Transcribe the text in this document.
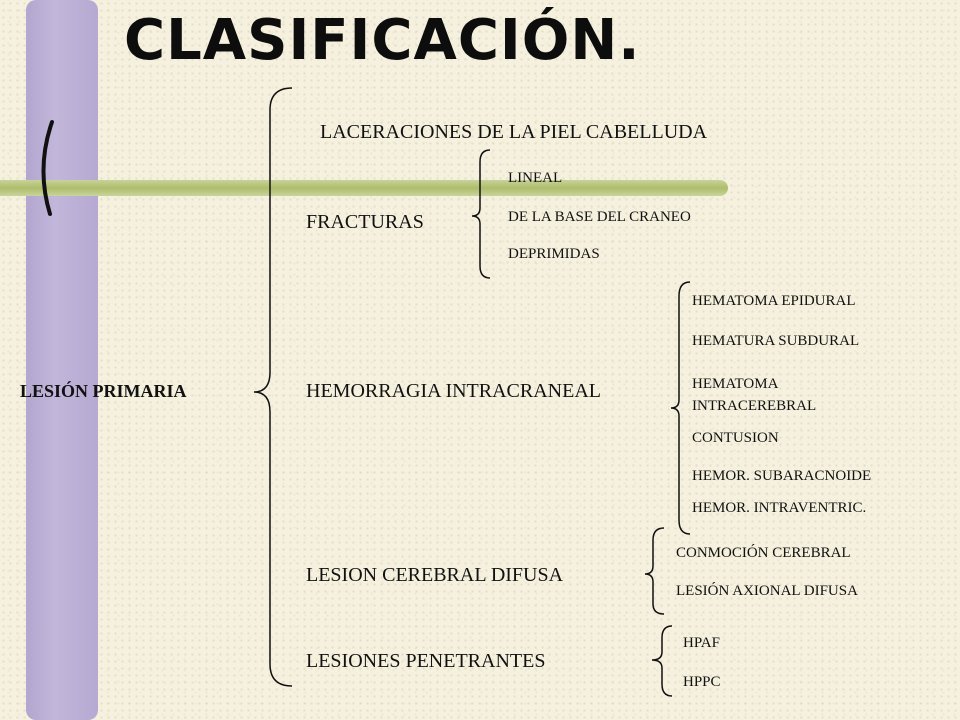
CLASIFICACIÓN.
LESIÓN PRIMARIA
LACERACIONES DE LA PIEL CABELLUDA
FRACTURAS
LINEAL
DE LA BASE DEL CRANEO
DEPRIMIDAS
HEMORRAGIA INTRACRANEAL
HEMATOMA EPIDURAL
HEMATURA SUBDURAL
HEMATOMA INTRACEREBRAL
CONTUSION
HEMOR. SUBARACNOIDE
HEMOR. INTRAVENTRIC.
LESION CEREBRAL DIFUSA
CONMOCIÓN CEREBRAL
LESIÓN AXIONAL DIFUSA
LESIONES PENETRANTES
HPAF
HPPC
